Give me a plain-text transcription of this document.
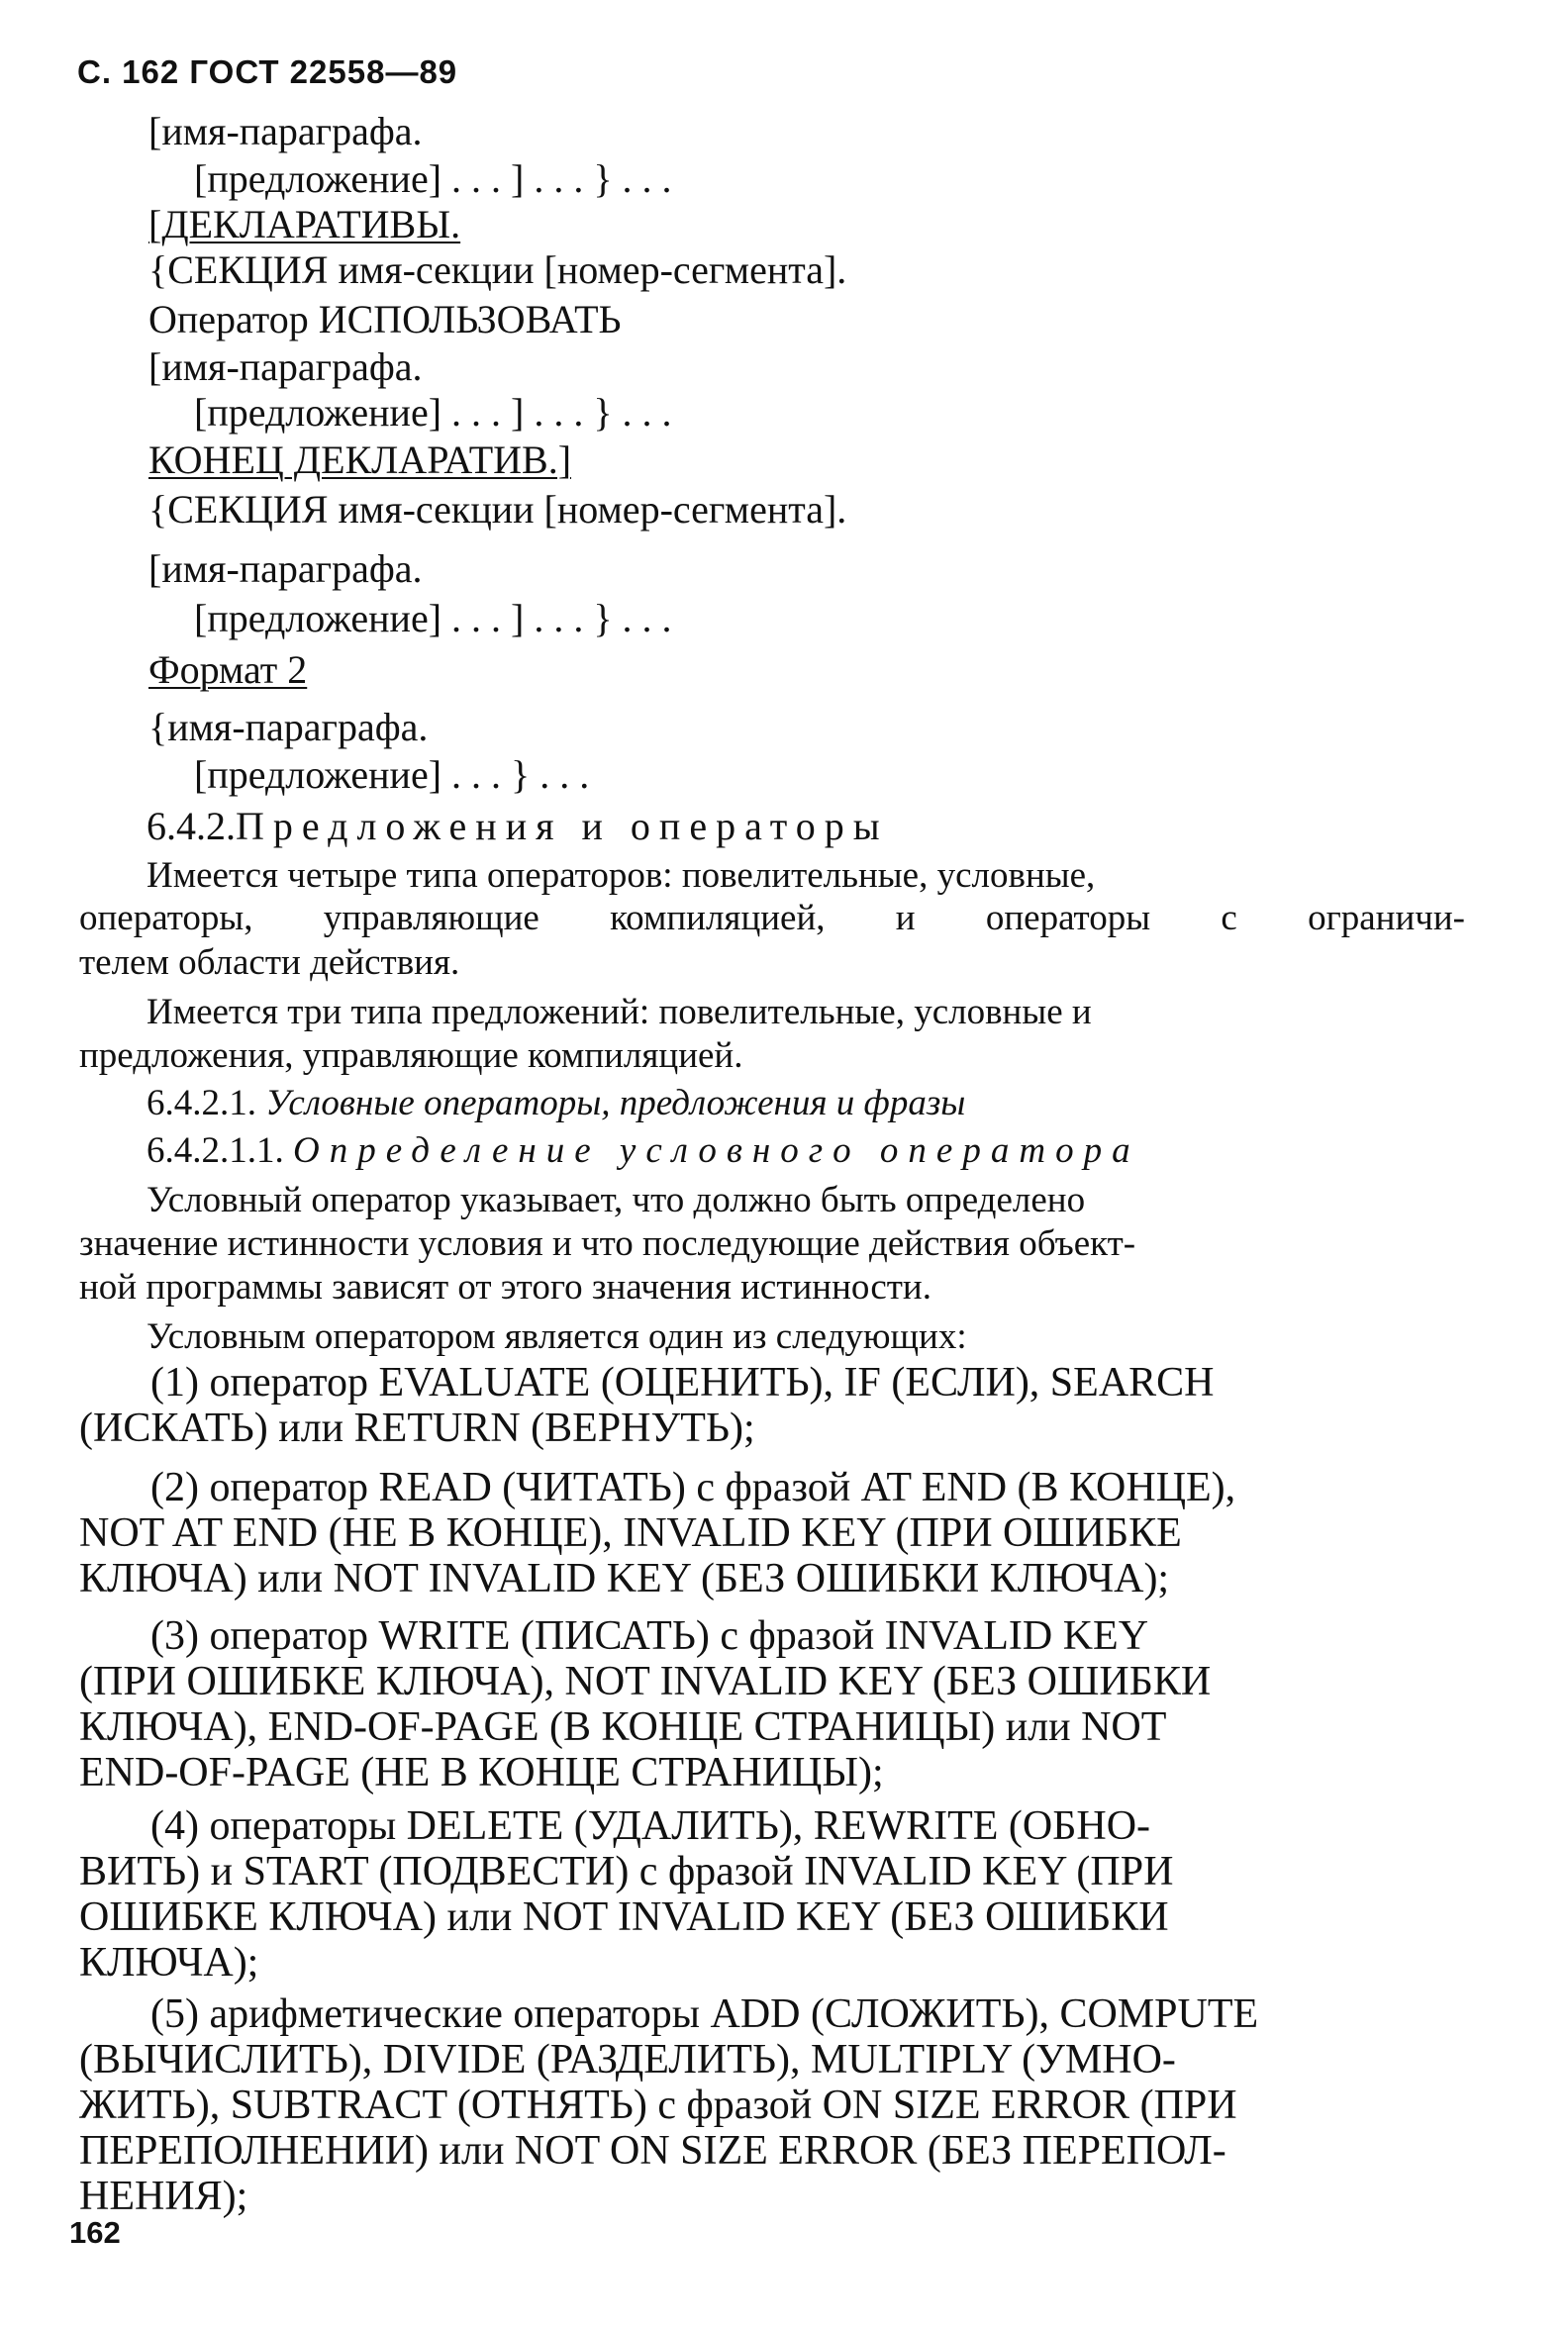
С. 162 ГОСТ 22558—89
[имя-параграфа.
[предложение] . . . ] . . . } . . .
[ДЕКЛАРАТИВЫ.
{СЕКЦИЯ имя-секции [номер-сегмента].
Оператор ИСПОЛЬЗОВАТЬ
[имя-параграфа.
[предложение] . . . ] . . . } . . .
КОНЕЦ ДЕКЛАРАТИВ.]
{СЕКЦИЯ имя-секции [номер-сегмента].
[имя-параграфа.
[предложение] . . . ] . . . } . . .
Формат 2
{имя-параграфа.
[предложение] . . . } . . .
6.4.2.Предложения и операторы
Имеется четыре типа операторов: повелительные, условные,
операторы, управляющие компиляцией, и операторы с ограничи-
телем области действия.
Имеется три типа предложений: повелительные, условные и
предложения, управляющие компиляцией.
6.4.2.1. Условные операторы, предложения и фразы
6.4.2.1.1. Определение условного оператора
Условный оператор указывает, что должно быть определено
значение истинности условия и что последующие действия объект-
ной программы зависят от этого значения истинности.
Условным оператором является один из следующих:
(1) оператор EVALUATE (ОЦЕНИТЬ), IF (ЕСЛИ), SEARCH
(ИСКАТЬ) или RETURN (ВЕРНУТЬ);
(2) оператор READ (ЧИТАТЬ) с фразой AT END (В КОНЦЕ),
NOT AT END (НЕ В КОНЦЕ), INVALID KEY (ПРИ ОШИБКЕ
КЛЮЧА) или NOT INVALID KEY (БЕЗ ОШИБКИ КЛЮЧА);
(3) оператор WRITE (ПИСАТЬ) с фразой INVALID KEY
(ПРИ ОШИБКЕ КЛЮЧА), NOT INVALID KEY (БЕЗ ОШИБКИ
КЛЮЧА), END-OF-PAGE (В КОНЦЕ СТРАНИЦЫ) или NOT
END-OF-PAGE (НЕ В КОНЦЕ СТРАНИЦЫ);
(4) операторы DELETE (УДАЛИТЬ), REWRITE (ОБНО-
ВИТЬ) и START (ПОДВЕСТИ) с фразой INVALID KEY (ПРИ
ОШИБКЕ КЛЮЧА) или NOT INVALID KEY (БЕЗ ОШИБКИ
КЛЮЧА);
(5) арифметические операторы ADD (СЛОЖИТЬ), COMPUTE
(ВЫЧИСЛИТЬ), DIVIDE (РАЗДЕЛИТЬ), MULTIPLY (УМНО-
ЖИТЬ), SUBTRACT (ОТНЯТЬ) с фразой ON SIZE ERROR (ПРИ
ПЕРЕПОЛНЕНИИ) или NOT ON SIZE ERROR (БЕЗ ПЕРЕПОЛ-
НЕНИЯ);
162
